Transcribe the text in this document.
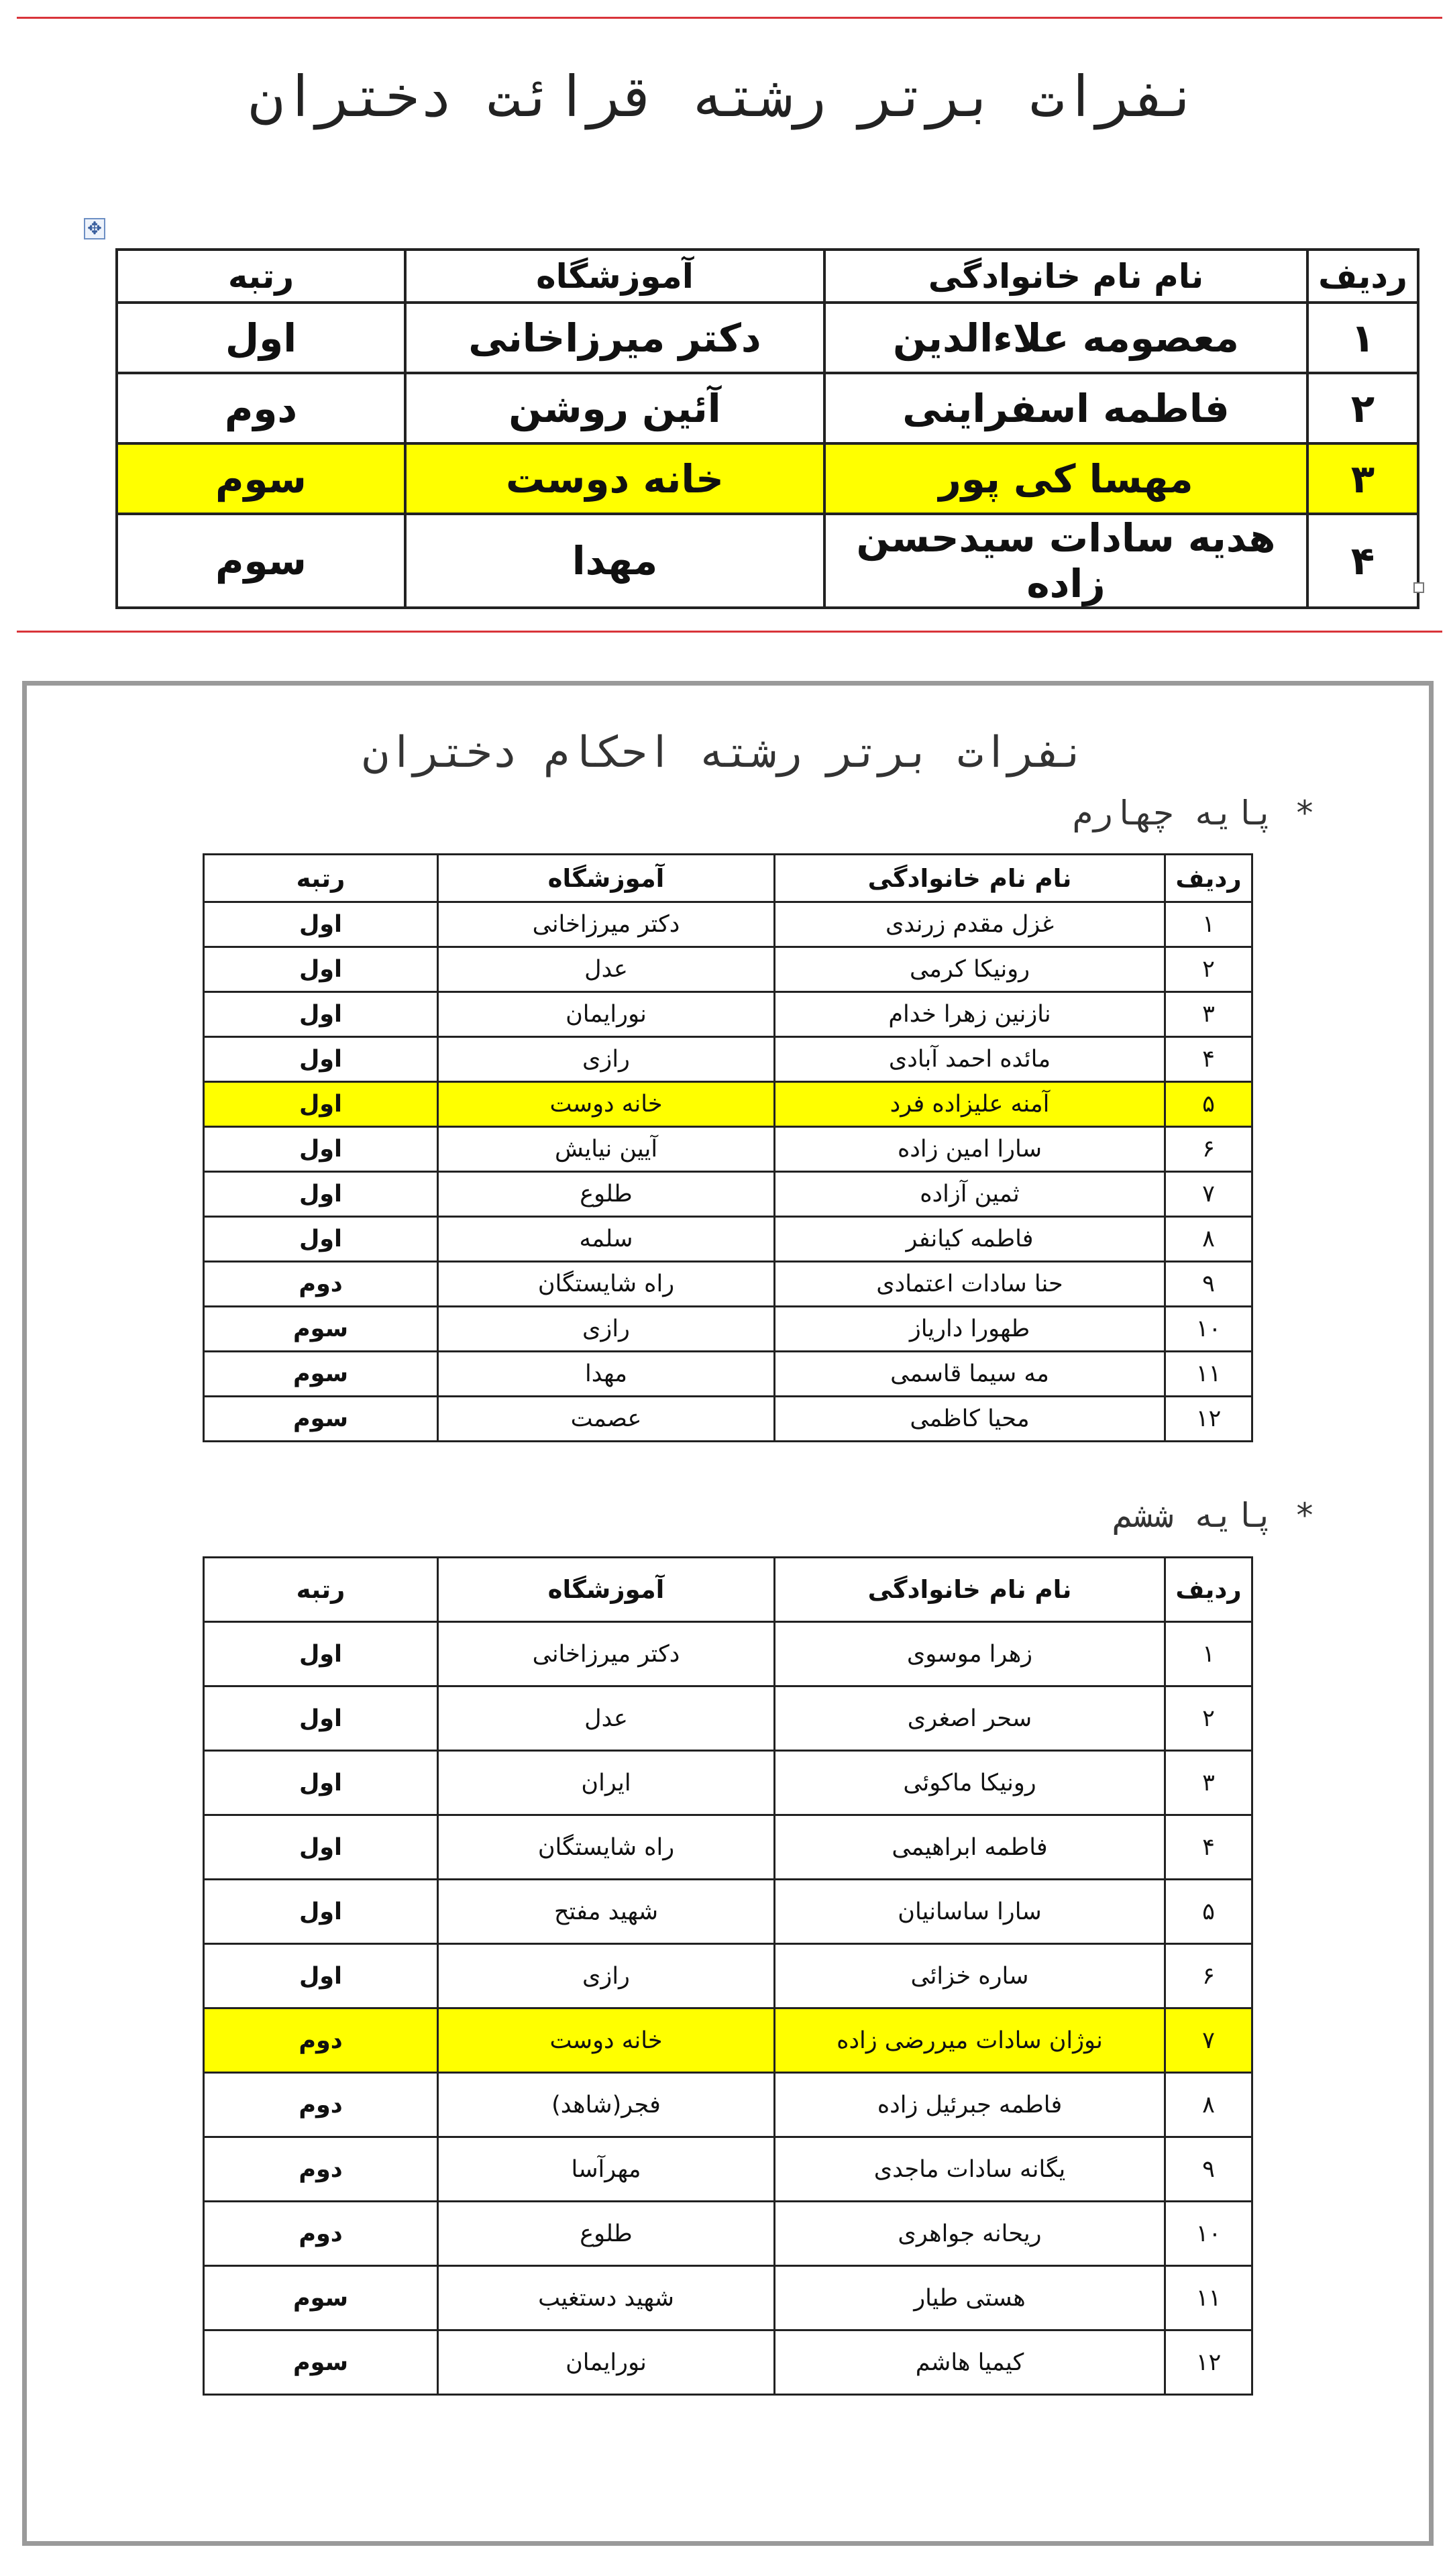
نفرات برتر رشته قرائت دختران
✥
ردیف	نام نام خانوادگی	آموزشگاه	رتبه
۱	معصومه علاءالدین	دکتر میرزاخانی	اول
۲	فاطمه اسفراینی	آئین روشن	دوم
۳	مهسا کی پور	خانه دوست	سوم
۴	هدیه سادات سیدحسن زاده	مهدا	سوم
نفرات برتر رشته احکام دختران
* پایه چهارم
ردیف	نام نام خانوادگی	آموزشگاه	رتبه
۱	غزل مقدم زرندی	دکتر میرزاخانی	اول
۲	رونیکا کرمی	عدل	اول
۳	نازنین زهرا خدام	نورایمان	اول
۴	مائده احمد آبادی	رازی	اول
۵	آمنه علیزاده فرد	خانه دوست	اول
۶	سارا امین زاده	آیین نیایش	اول
۷	ثمین آزاده	طلوع	اول
۸	فاطمه کیانفر	سلمه	اول
۹	حنا سادات اعتمادی	راه شایستگان	دوم
۱۰	طهورا داریاز	رازی	سوم
۱۱	مه سیما قاسمی	مهدا	سوم
۱۲	محیا کاظمی	عصمت	سوم
* پایه ششم
ردیف	نام نام خانوادگی	آموزشگاه	رتبه
۱	زهرا موسوی	دکتر میرزاخانی	اول
۲	سحر اصغری	عدل	اول
۳	رونیکا ماکوئی	ایران	اول
۴	فاطمه ابراهیمی	راه شایستگان	اول
۵	سارا ساسانیان	شهید مفتح	اول
۶	ساره خزائی	رازی	اول
۷	نوژان سادات میررضی زاده	خانه دوست	دوم
۸	فاطمه جبرئیل زاده	فجر(شاهد)	دوم
۹	یگانه سادات ماجدی	مهرآسا	دوم
۱۰	ریحانه جواهری	طلوع	دوم
۱۱	هستی طیار	شهید دستغیب	سوم
۱۲	کیمیا هاشم	نورایمان	سوم
